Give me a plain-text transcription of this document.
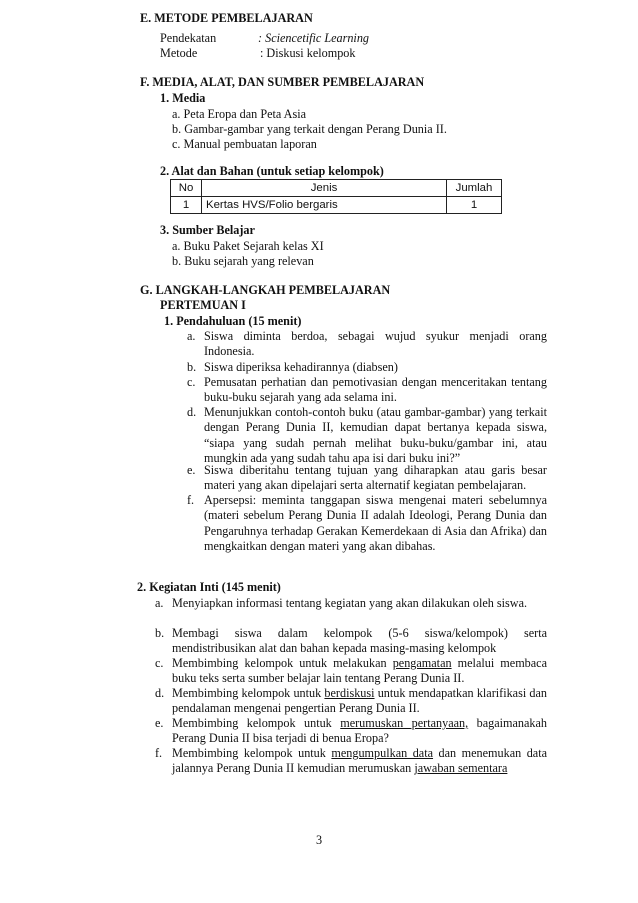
E. METODE PEMBELAJARAN

Pendekatan	: Sciencetific Learning

Metode	: Diskusi kelompok

F. MEDIA, ALAT, DAN SUMBER PEMBELAJARAN

1. Media

a. Peta Eropa dan Peta Asia

b. Gambar-gambar yang terkait dengan Perang Dunia II.

c. Manual pembuatan laporan

2. Alat dan Bahan (untuk setiap kelompok)

No	Jenis	Jumlah
1	Kertas HVS/Folio bergaris	1

3. Sumber Belajar

a. Buku Paket Sejarah kelas XI

b. Buku sejarah yang relevan

G. LANGKAH-LANGKAH PEMBELAJARAN

PERTEMUAN I

1. Pendahuluan (15 menit)

a. Siswa diminta berdoa, sebagai wujud syukur menjadi orang Indonesia.
b. Siswa diperiksa kehadirannya (diabsen)
c. Pemusatan perhatian dan pemotivasian dengan menceritakan tentang buku-buku sejarah yang ada selama ini.
d. Menunjukkan contoh-contoh buku (atau gambar-gambar) yang terkait dengan Perang Dunia II, kemudian dapat bertanya kepada siswa, “siapa yang sudah pernah melihat buku-buku/gambar ini, atau mungkin ada yang sudah tahu apa isi dari buku ini?”
e. Siswa diberitahu tentang tujuan yang diharapkan atau garis besar materi yang akan dipelajari serta alternatif kegiatan pembelajaran.
f. Apersepsi: meminta tanggapan siswa mengenai materi sebelumnya (materi sebelum Perang Dunia II adalah Ideologi, Perang Dunia dan Pengaruhnya terhadap Gerakan Kemerdekaan di Asia dan Afrika) dan mengkaitkan dengan materi yang akan dibahas.

2. Kegiatan Inti (145 menit)

a. Menyiapkan informasi tentang kegiatan yang akan dilakukan oleh siswa.
b. Membagi siswa dalam kelompok (5-6 siswa/kelompok) serta mendistribusikan alat dan bahan kepada masing-masing kelompok
c. Membimbing kelompok untuk melakukan pengamatan melalui membaca buku teks serta sumber belajar lain tentang Perang Dunia II.
d. Membimbing kelompok untuk berdiskusi untuk mendapatkan klarifikasi dan pendalaman mengenai pengertian Perang Dunia II.
e. Membimbing kelompok untuk merumuskan pertanyaan, bagaimanakah Perang Dunia II bisa terjadi di benua Eropa?
f. Membimbing kelompok untuk mengumpulkan data dan menemukan data jalannya Perang Dunia II kemudian merumuskan jawaban sementara
3
